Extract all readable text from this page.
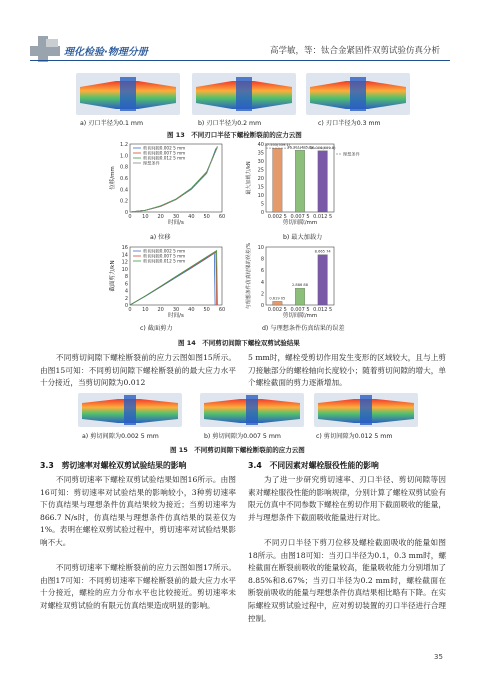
理化检验·物理分册	高学敏，等：钛合金紧固件双剪试验仿真分析
a) 刃口半径为0.1 mm	b) 刃口半径为0.2 mm	c) 刃口半径为0.3 mm
图 13　不同刃口半径下螺栓断裂前的应力云图
0
0.2
0.4
0.6
0.8
1.0
1.2
0 10 20 30 40 50 60
时间/s
位移/mm
剪切间隙0.002 5 mm
剪切间隙0.007 5 mm
剪切间隙0.012 5 mm
理想条件
a) 位移
0
5
10
15
20
25
30
35
40 37.555(559.1)
0.002 5
36.301(485.8)
0.007 5
36.006(699.9)
0.012 5
剪切间隙/mm
最大加载力/kN
理想条件
b) 最大加载力
0
2
4
6
8
10
12
14
16
0 10 20 30 40 50 60
时间/s
截面剪力/kN
剪切间隙0.002 5 mm
剪切间隙0.007 5 mm
剪切间隙0.012 5 mm
c) 截面剪力
0
2
4
6
8
10
0.619 05
0.002 5
2.886 88
0.007 5
8.665 74
0.012 5
剪切间隙/mm
与理想条件仿真结果的误差/%
d) 与理想条件仿真结果的误差
图 14　不同剪切间隙下螺栓双剪试验结果
不同剪切间隙下螺栓断裂前的应力云图如图15所示。由图15可知：不同剪切间隙下螺栓断裂前的最大应力水平十分接近，当剪切间隙为0.012
5 mm时，螺栓受剪切作用发生变形的区域较大，且与上剪刀接触部分的螺栓轴向长度较小；随着剪切间隙的增大，单个螺栓截面的剪力逐渐增加。
a) 剪切间隙为0.002 5 mm	b) 剪切间隙为0.007 5 mm	c) 剪切间隙为0.012 5 mm
图 15　不同剪切间隙下螺栓断裂前的应力云图
3.3　剪切速率对螺栓双剪试验结果的影响
不同剪切速率下螺栓双剪试验结果如图16所示。由图16可知：剪切速率对试验结果的影响较小，3种剪切速率下仿真结果与理想条件仿真结果较为接近；当剪切速率为866.7 N/s时，仿真结果与理想条件仿真结果的误差仅为1%。表明在螺栓双剪试验过程中，剪切速率对试验结果影响不大。
不同剪切速率下螺栓断裂前的应力云图如图17所示。由图17可知：不同剪切速率下螺栓断裂前的最大应力水平十分接近，螺栓的应力分布水平也比较接近。剪切速率未对螺栓双剪试验的有限元仿真结果造成明显的影响。
3.4　不同因素对螺栓服役性能的影响
为了进一步研究剪切速率、刃口半径、剪切间隙等因素对螺栓服役性能的影响规律，分别计算了螺栓双剪试验有限元仿真中不同参数下螺栓在剪切作用下截面吸收的能量，并与理想条件下截面吸收能量进行对比。
不同刃口半径下剪刀位移及螺栓截面吸收的能量如图18所示。由图18可知：当刃口半径为0.1，0.3 mm时，螺栓截面在断裂前吸收的能量较高，能量吸收能力分别增加了8.85%和8.67%；当刃口半径为0.2 mm时，螺栓截面在断裂前吸收的能量与理想条件仿真结果相比略有下降。在实际螺栓双剪试验过程中，应对剪切装置的刃口半径进行合理控制。
35
